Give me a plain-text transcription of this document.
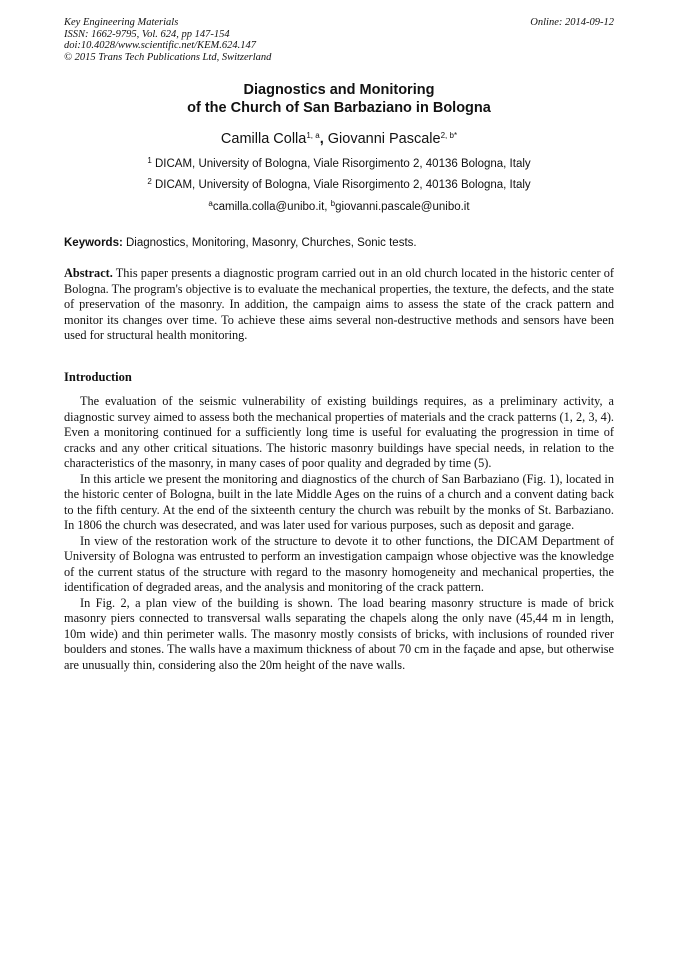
Key Engineering Materials
ISSN: 1662-9795, Vol. 624, pp 147-154
doi:10.4028/www.scientific.net/KEM.624.147
© 2015 Trans Tech Publications Ltd, Switzerland
Online: 2014-09-12
Diagnostics and Monitoring
of the Church of San Barbaziano in Bologna
Camilla Colla$^{1, a}$, Giovanni Pascale$^{2, b*}$
$^1$ DICAM, University of Bologna, Viale Risorgimento 2, 40136 Bologna, Italy
$^2$ DICAM, University of Bologna, Viale Risorgimento 2, 40136 Bologna, Italy
$^a$camilla.colla@unibo.it, $^b$giovanni.pascale@unibo.it
Keywords: Diagnostics, Monitoring, Masonry, Churches, Sonic tests.

Abstract. This paper presents a diagnostic program carried out in an old church located in the historic center of Bologna. The program's objective is to evaluate the mechanical properties, the texture, the defects, and the state of preservation of the masonry. In addition, the campaign aims to assess the state of the crack pattern and monitor its changes over time. To achieve these aims several non-destructive methods and sensors have been used for structural health monitoring.

Introduction

The evaluation of the seismic vulnerability of existing buildings requires, as a preliminary activity, a diagnostic survey aimed to assess both the mechanical properties of materials and the crack patterns (1, 2, 3, 4). Even a monitoring continued for a sufficiently long time is useful for evaluating the progression in time of cracks and any other critical situations. The historic masonry buildings have special needs, in relation to the characteristics of the masonry, in many cases of poor quality and degraded by time (5).

In this article we present the monitoring and diagnostics of the church of San Barbaziano (Fig. 1), located in the historic center of Bologna, built in the late Middle Ages on the ruins of a church and a convent dating back to the fifth century. At the end of the sixteenth century the church was rebuilt by the monks of St. Barbaziano. In 1806 the church was desecrated, and was later used for various purposes, such as deposit and garage.

In view of the restoration work of the structure to devote it to other functions, the DICAM Department of University of Bologna was entrusted to perform an investigation campaign whose objective was the knowledge of the current status of the structure with regard to the masonry homogeneity and mechanical properties, the identification of degraded areas, and the analysis and monitoring of the crack pattern.

In Fig. 2, a plan view of the building is shown. The load bearing masonry structure is made of brick masonry piers connected to transversal walls separating the chapels along the only nave (45,44 m in length, 10m wide) and thin perimeter walls. The masonry mostly consists of bricks, with inclusions of rounded river boulders and stones. The walls have a maximum thickness of about 70 cm in the façade and apse, but otherwise are unusually thin, considering also the 20m height of the nave walls.
